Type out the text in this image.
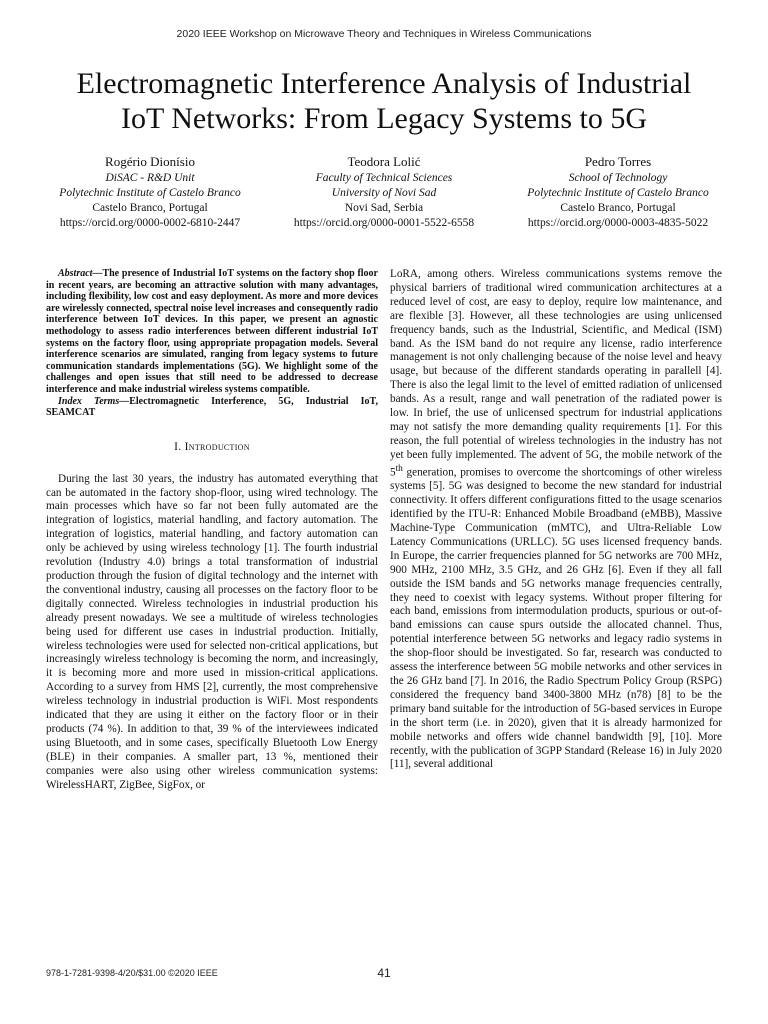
2020 IEEE Workshop on Microwave Theory and Techniques in Wireless Communications
Electromagnetic Interference Analysis of Industrial
IoT Networks: From Legacy Systems to 5G
Rogério Dionísio
DiSAC - R&D Unit
Polytechnic Institute of Castelo Branco
Castelo Branco, Portugal
https://orcid.org/0000-0002-6810-2447
Teodora Lolić
Faculty of Technical Sciences
University of Novi Sad
Novi Sad, Serbia
https://orcid.org/0000-0001-5522-6558
Pedro Torres
School of Technology
Polytechnic Institute of Castelo Branco
Castelo Branco, Portugal
https://orcid.org/0000-0003-4835-5022

Abstract—The presence of Industrial IoT systems on the factory shop floor in recent years, are becoming an attractive solution with many advantages, including flexibility, low cost and easy deployment. As more and more devices are wirelessly connected, spectral noise level increases and consequently radio interference between IoT devices. In this paper, we present an agnostic methodology to assess radio interferences between different industrial IoT systems on the factory floor, using appropriate propagation models. Several interference scenarios are simulated, ranging from legacy systems to future communication standards implementations (5G). We highlight some of the challenges and open issues that still need to be addressed to decrease interference and make industrial wireless systems compatible.

Index Terms—Electromagnetic Interference, 5G, Industrial IoT, SEAMCAT

I. Introduction

During the last 30 years, the industry has automated everything that can be automated in the factory shop-floor, using wired technology. The main processes which have so far not been fully automated are the integration of logistics, material handling, and factory automation. The integration of logistics, material handling, and factory automation can only be achieved by using wireless technology [1]. The fourth industrial revolution (Industry 4.0) brings a total transformation of industrial production through the fusion of digital technology and the internet with the conventional industry, causing all processes on the factory floor to be digitally connected. Wireless technologies in industrial production his already present nowadays. We see a multitude of wireless technologies being used for different use cases in industrial production. Initially, wireless technologies were used for selected non-critical applications, but increasingly wireless technology is becoming the norm, and increasingly, it is becoming more and more used in mission-critical applications. According to a survey from HMS [2], currently, the most comprehensive wireless technology in industrial production is WiFi. Most respondents indicated that they are using it either on the factory floor or in their products (74 %). In addition to that, 39 % of the interviewees indicated using Bluetooth, and in some cases, specifically Bluetooth Low Energy (BLE) in their companies. A smaller part, 13 %, mentioned their companies were also using other wireless communication systems: WirelessHART, ZigBee, SigFox, or

LoRA, among others. Wireless communications systems remove the physical barriers of traditional wired communication architectures at a reduced level of cost, are easy to deploy, require low maintenance, and are flexible [3]. However, all these technologies are using unlicensed frequency bands, such as the Industrial, Scientific, and Medical (ISM) band. As the ISM band do not require any license, radio interference management is not only challenging because of the noise level and heavy usage, but because of the different standards operating in parallell [4]. There is also the legal limit to the level of emitted radiation of unlicensed bands. As a result, range and wall penetration of the radiated power is low. In brief, the use of unlicensed spectrum for industrial applications may not satisfy the more demanding quality requirements [1]. For this reason, the full potential of wireless technologies in the industry has not yet been fully implemented. The advent of 5G, the mobile network of the 5th generation, promises to overcome the shortcomings of other wireless systems [5]. 5G was designed to become the new standard for industrial connectivity. It offers different configurations fitted to the usage scenarios identified by the ITU-R: Enhanced Mobile Broadband (eMBB), Massive Machine-Type Communication (mMTC), and Ultra-Reliable Low Latency Communications (URLLC). 5G uses licensed frequency bands. In Europe, the carrier frequencies planned for 5G networks are 700 MHz, 900 MHz, 2100 MHz, 3.5 GHz, and 26 GHz [6]. Even if they all fall outside the ISM bands and 5G networks manage frequencies centrally, they need to coexist with legacy systems. Without proper filtering for each band, emissions from intermodulation products, spurious or out-of-band emissions can cause spurs outside the allocated channel. Thus, potential interference between 5G networks and legacy radio systems in the shop-floor should be investigated. So far, research was conducted to assess the interference between 5G mobile networks and other services in the 26 GHz band [7]. In 2016, the Radio Spectrum Policy Group (RSPG) considered the frequency band 3400-3800 MHz (n78) [8] to be the primary band suitable for the introduction of 5G-based services in Europe in the short term (i.e. in 2020), given that it is already harmonized for mobile networks and offers wide channel bandwidth [9], [10]. More recently, with the publication of 3GPP Standard (Release 16) in July 2020 [11], several additional

978-1-7281-9398-4/20/$31.00 ©2020 IEEE	41
